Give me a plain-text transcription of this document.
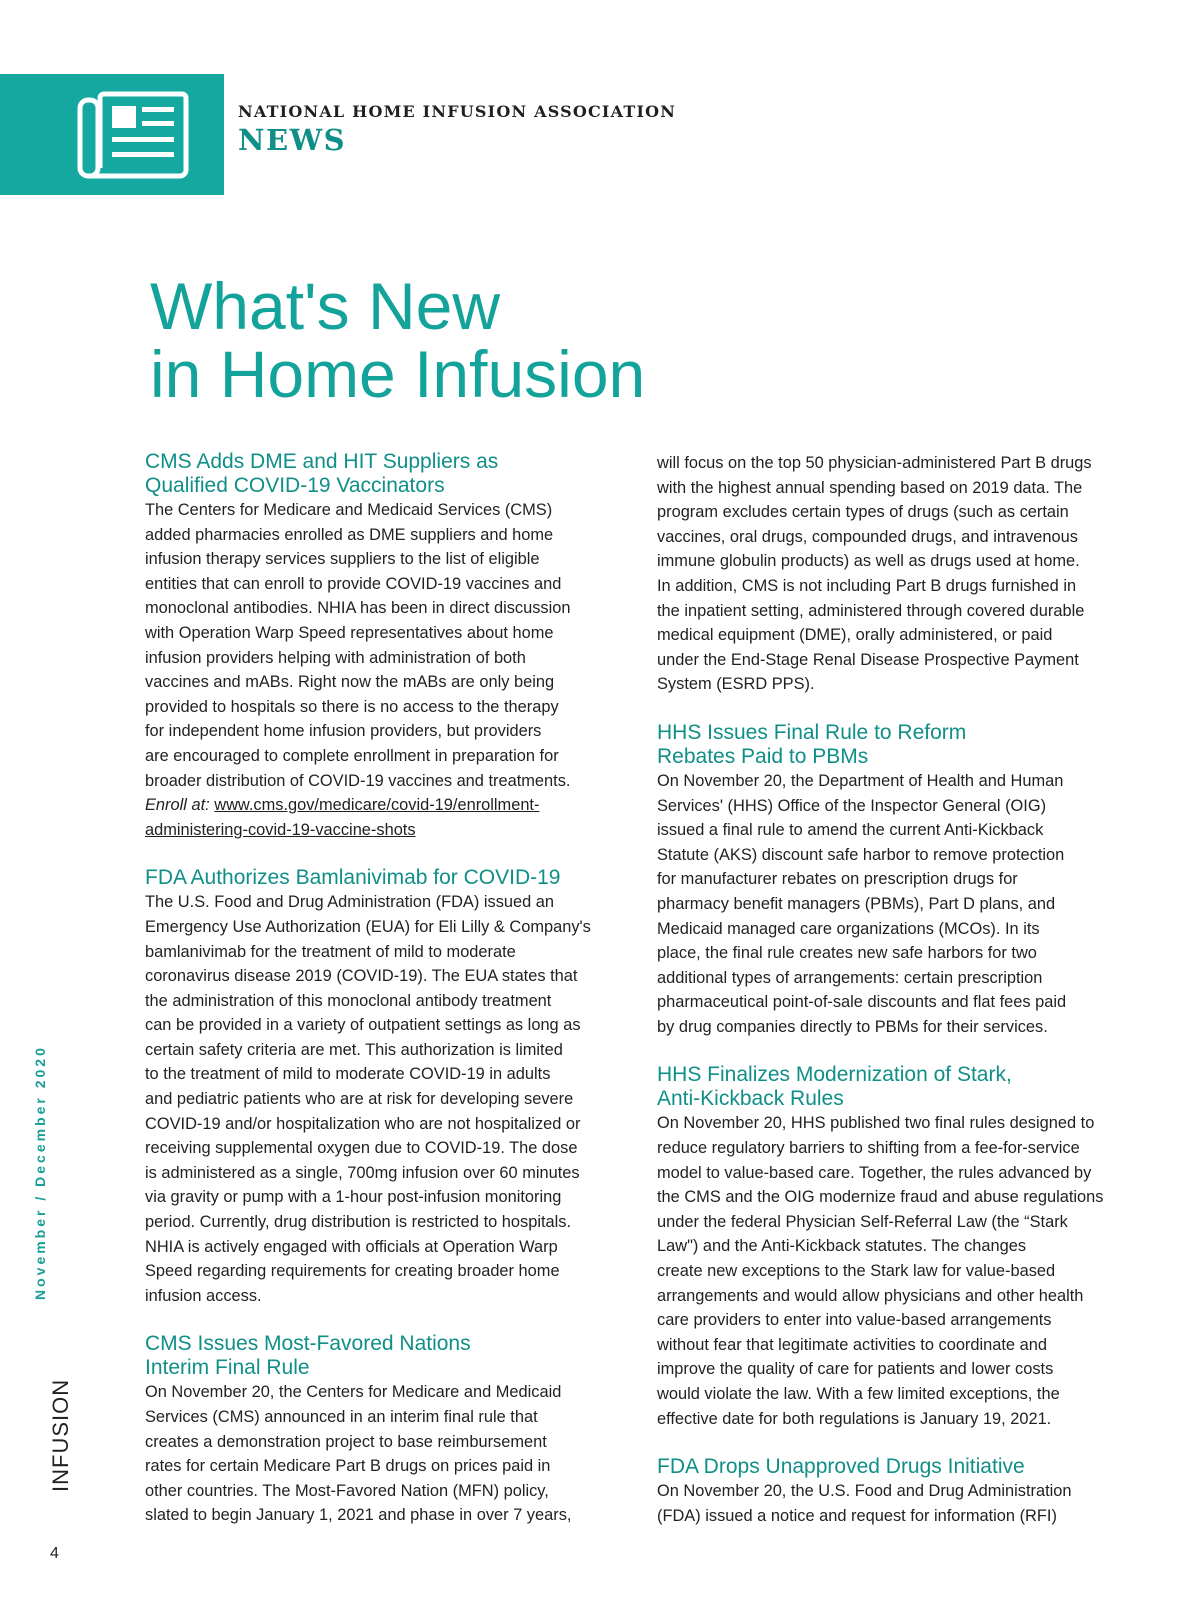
NATIONAL HOME INFUSION ASSOCIATION
NEWS
What's New
in Home Infusion
CMS Adds DME and HIT Suppliers as
Qualified COVID-19 Vaccinators

The Centers for Medicare and Medicaid Services (CMS)
added pharmacies enrolled as DME suppliers and home
infusion therapy services suppliers to the list of eligible
entities that can enroll to provide COVID-19 vaccines and
monoclonal antibodies. NHIA has been in direct discussion
with Operation Warp Speed representatives about home
infusion providers helping with administration of both
vaccines and mABs. Right now the mABs are only being
provided to hospitals so there is no access to the therapy
for independent home infusion providers, but providers
are encouraged to complete enrollment in preparation for
broader distribution of COVID-19 vaccines and treatments.

Enroll at: www.cms.gov/medicare/covid-19/enrollment-

administering-covid-19-vaccine-shots

FDA Authorizes Bamlanivimab for COVID-19

The U.S. Food and Drug Administration (FDA) issued an
Emergency Use Authorization (EUA) for Eli Lilly & Company's
bamlanivimab for the treatment of mild to moderate
coronavirus disease 2019 (COVID-19). The EUA states that
the administration of this monoclonal antibody treatment
can be provided in a variety of outpatient settings as long as
certain safety criteria are met. This authorization is limited
to the treatment of mild to moderate COVID-19 in adults
and pediatric patients who are at risk for developing severe
COVID-19 and/or hospitalization who are not hospitalized or
receiving supplemental oxygen due to COVID-19. The dose
is administered as a single, 700mg infusion over 60 minutes
via gravity or pump with a 1-hour post-infusion monitoring
period. Currently, drug distribution is restricted to hospitals.
NHIA is actively engaged with officials at Operation Warp
Speed regarding requirements for creating broader home
infusion access.

CMS Issues Most-Favored Nations
Interim Final Rule

On November 20, the Centers for Medicare and Medicaid
Services (CMS) announced in an interim final rule that
creates a demonstration project to base reimbursement
rates for certain Medicare Part B drugs on prices paid in
other countries. The Most-Favored Nation (MFN) policy,
slated to begin January 1, 2021 and phase in over 7 years,

will focus on the top 50 physician-administered Part B drugs
with the highest annual spending based on 2019 data. The
program excludes certain types of drugs (such as certain
vaccines, oral drugs, compounded drugs, and intravenous
immune globulin products) as well as drugs used at home.
In addition, CMS is not including Part B drugs furnished in
the inpatient setting, administered through covered durable
medical equipment (DME), orally administered, or paid
under the End-Stage Renal Disease Prospective Payment
System (ESRD PPS).

HHS Issues Final Rule to Reform
Rebates Paid to PBMs

On November 20, the Department of Health and Human
Services' (HHS) Office of the Inspector General (OIG)
issued a final rule to amend the current Anti-Kickback
Statute (AKS) discount safe harbor to remove protection
for manufacturer rebates on prescription drugs for
pharmacy benefit managers (PBMs), Part D plans, and
Medicaid managed care organizations (MCOs). In its
place, the final rule creates new safe harbors for two
additional types of arrangements: certain prescription
pharmaceutical point-of-sale discounts and flat fees paid
by drug companies directly to PBMs for their services.

HHS Finalizes Modernization of Stark,
Anti-Kickback Rules

On November 20, HHS published two final rules designed to
reduce regulatory barriers to shifting from a fee-for-service
model to value-based care. Together, the rules advanced by
the CMS and the OIG modernize fraud and abuse regulations
under the federal Physician Self-Referral Law (the “Stark
Law") and the Anti-Kickback statutes. The changes
create new exceptions to the Stark law for value-based
arrangements and would allow physicians and other health
care providers to enter into value-based arrangements
without fear that legitimate activities to coordinate and
improve the quality of care for patients and lower costs
would violate the law. With a few limited exceptions, the
effective date for both regulations is January 19, 2021.

FDA Drops Unapproved Drugs Initiative

On November 20, the U.S. Food and Drug Administration
(FDA) issued a notice and request for information (RFI)

November / December 2020
INFUSION
4
